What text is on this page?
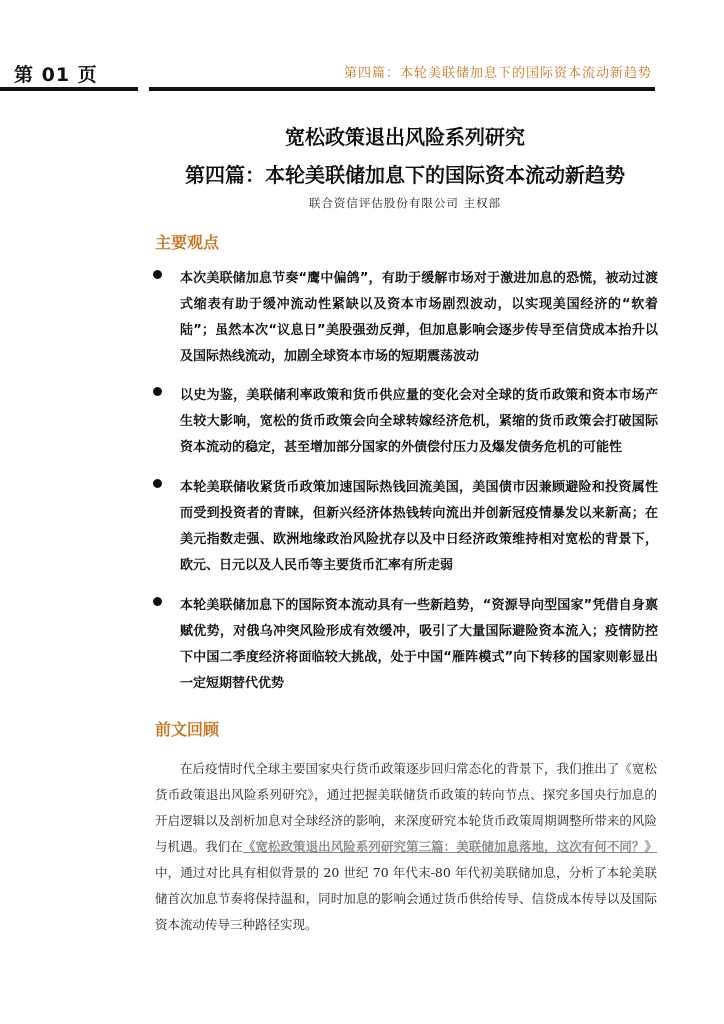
第 01 页	第四篇：本轮美联储加息下的国际资本流动新趋势
宽松政策退出风险系列研究
第四篇：本轮美联储加息下的国际资本流动新趋势
联合资信评估股份有限公司 主权部
主要观点
本次美联储加息节奏“鹰中偏鸽”，有助于缓解市场对于激进加息的恐慌，被动过渡式缩表有助于缓冲流动性紧缺以及资本市场剧烈波动，以实现美国经济的“软着陆”；虽然本次“议息日”美股强劲反弹，但加息影响会逐步传导至信贷成本抬升以及国际热线流动，加剧全球资本市场的短期震荡波动
以史为鉴，美联储利率政策和货币供应量的变化会对全球的货币政策和资本市场产生较大影响，宽松的货币政策会向全球转嫁经济危机，紧缩的货币政策会打破国际资本流动的稳定，甚至增加部分国家的外债偿付压力及爆发债务危机的可能性
本轮美联储收紧货币政策加速国际热钱回流美国，美国债市因兼顾避险和投资属性而受到投资者的青睐，但新兴经济体热钱转向流出并创新冠疫情暴发以来新高；在美元指数走强、欧洲地缘政治风险扰存以及中日经济政策维持相对宽松的背景下，欧元、日元以及人民币等主要货币汇率有所走弱
本轮美联储加息下的国际资本流动具有一些新趋势，“资源导向型国家”凭借自身禀赋优势，对俄乌冲突风险形成有效缓冲，吸引了大量国际避险资本流入；疫情防控下中国二季度经济将面临较大挑战，处于中国“雁阵模式”向下转移的国家则彰显出一定短期替代优势
前文回顾
在后疫情时代全球主要国家央行货币政策逐步回归常态化的背景下，我们推出了《宽松货币政策退出风险系列研究》，通过把握美联储货币政策的转向节点、探究多国央行加息的开启逻辑以及剖析加息对全球经济的影响，来深度研究本轮货币政策周期调整所带来的风险与机遇。我们在《宽松政策退出风险系列研究第三篇：美联储加息落地，这次有何不同？》中，通过对比具有相似背景的 20 世纪 70 年代末-80 年代初美联储加息，分析了本轮美联储首次加息节奏将保持温和，同时加息的影响会通过货币供给传导、信贷成本传导以及国际资本流动传导三种路径实现。
